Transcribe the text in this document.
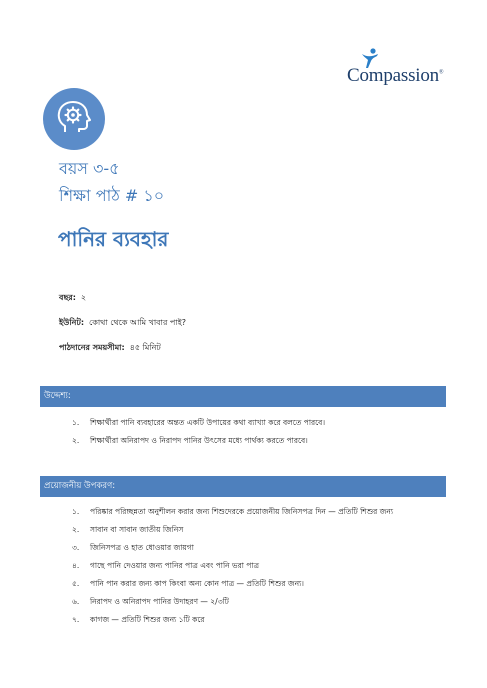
Compassion®
বয়স ৩-৫
শিক্ষা পাঠ # ১০
পানির ব্যবহার
বছর: ২
ইউনিট: কোথা থেকে আমি খাবার পাই?
পাঠদানের সময়সীমা: ৪৫ মিনিট
উদ্দেশ্য:
১. শিক্ষার্থীরা পানি ব্যবহারের অন্তত একটি উপায়ের কথা ব্যাখ্যা করে বলতে পারবে।
২. শিক্ষার্থীরা অনিরাপদ ও নিরাপদ পানির উৎসের মধ্যে পার্থক্য করতে পারবে।
প্রয়োজনীয় উপকরণ:
১. পরিষ্কার পরিচ্ছন্নতা অনুশীলন করার জন্য শিশুদেরকে প্রয়োজনীয় জিনিসপত্র দিন — প্রতিটি শিশুর জন্য
২. সাবান বা সাবান জাতীয় জিনিস
৩. জিনিসপত্র ও হাত ধোওয়ার জায়গা
৪. গাছে পানি দেওয়ার জন্য পানির পাত্র এবং পানি ভরা পাত্র
৫. পানি পান করার জন্য কাপ কিংবা অন্য কোন পাত্র — প্রতিটি শিশুর জন্য।
৬. নিরাপদ ও অনিরাপদ পানির উদাহরণ — ২/৩টি
৭. কাগজ — প্রতিটি শিশুর জন্য ১টি করে
